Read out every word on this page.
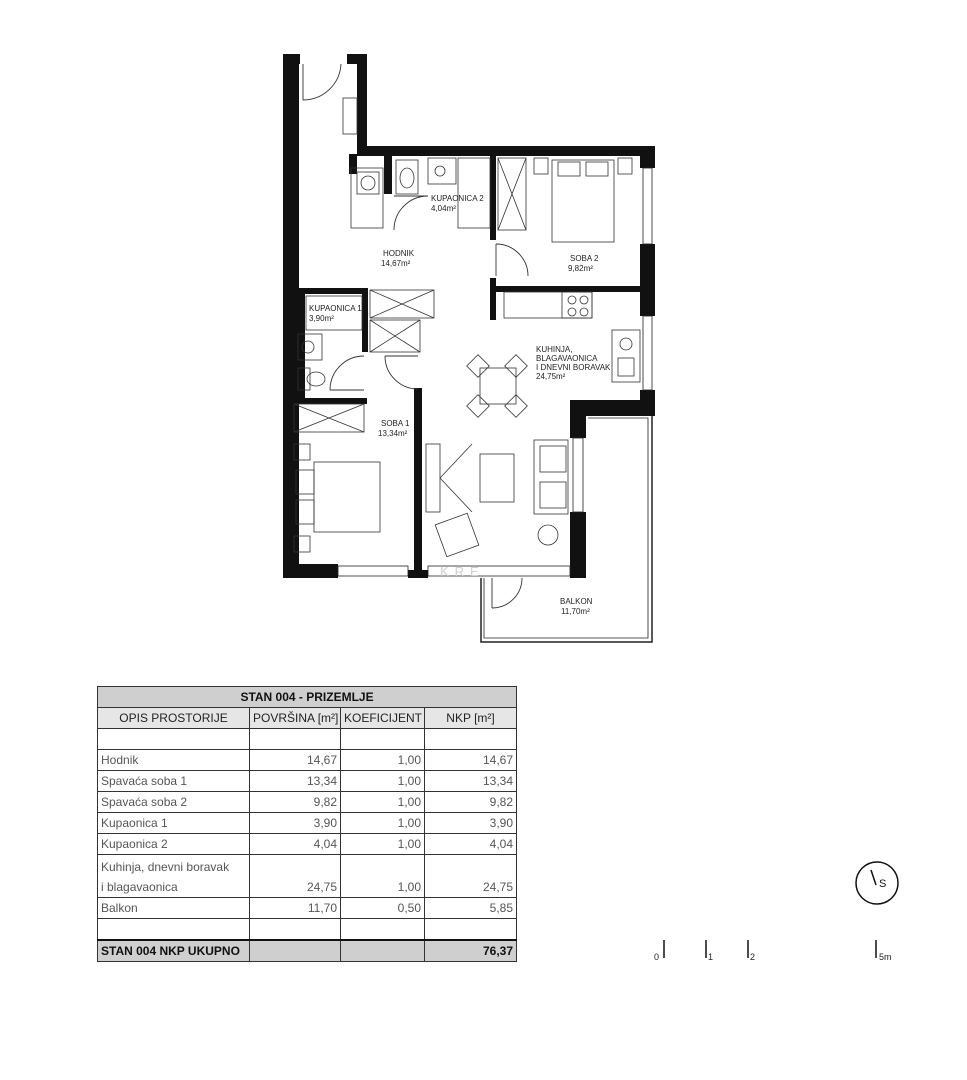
HODNIK
14,67m²
KUPAONICA 2
4,04m²
SOBA 2
9,82m²
KUPAONICA 1
3,90m²
KUHINJA,
BLAGAVAONICA
I DNEVNI BORAVAK
24,75m²
SOBA 1
13,34m²
BALKON
11,70m²
KRE
STAN 004 - PRIZEMLJE			
OPIS PROSTORIJE	POVRŠINA [m²]	KOEFICIJENT	NKP [m²]

Hodnik	14,67	1,00	14,67
Spavaća soba 1	13,34	1,00	13,34
Spavaća soba 2	9,82	1,00	9,82
Kupaonica 1	3,90	1,00	3,90
Kupaonica 2	4,04	1,00	4,04
Kuhinja, dnevni boravak
i blagavaonica	24,75	1,00	24,75
Balkon	11,70	0,50	5,85

STAN 004 NKP UKUPNO			76,37
S
0	1	2	5m
